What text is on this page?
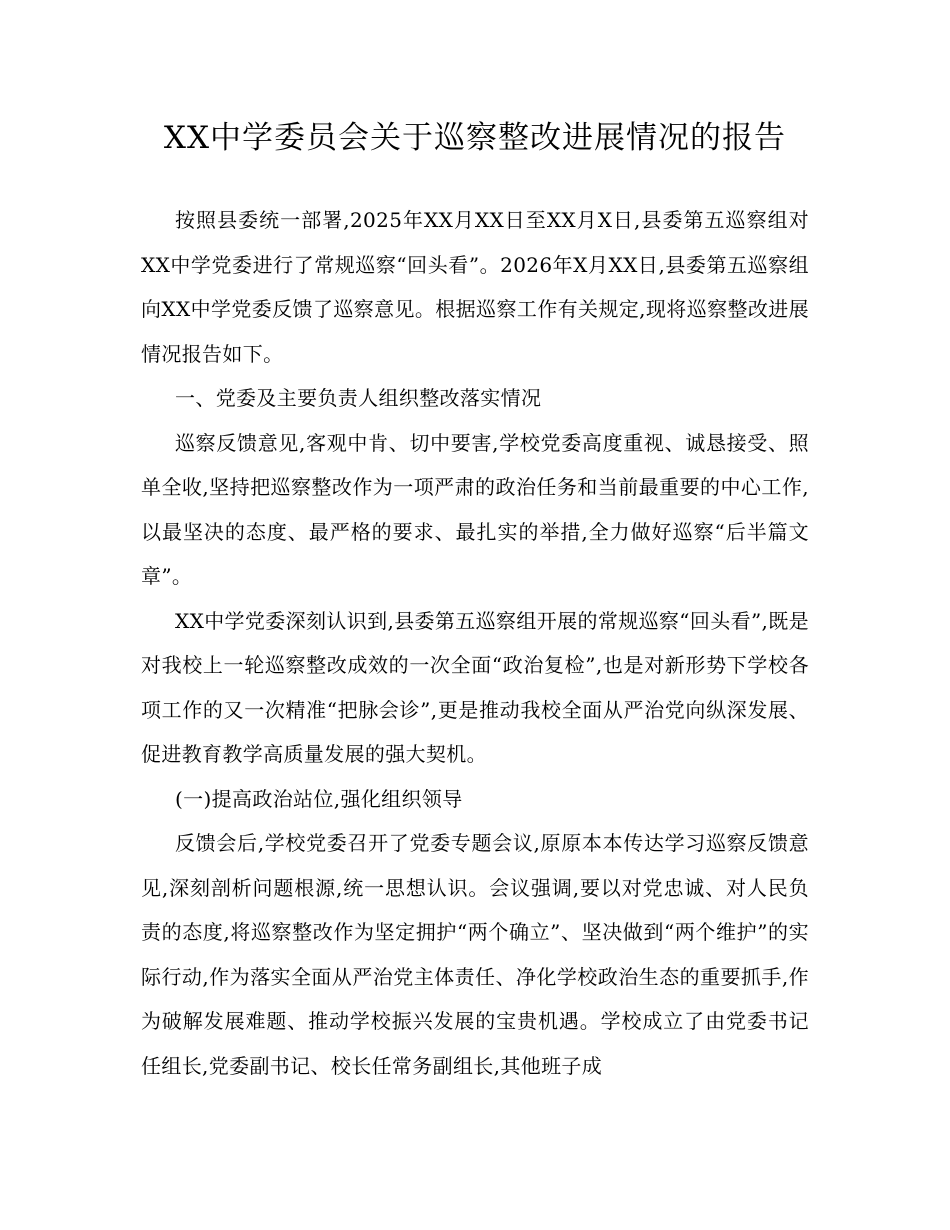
XX中学委员会关于巡察整改进展情况的报告

按照县委统一部署,2025年XX月XX日至XX月X日,县委第五巡察组对XX中学党委进行了常规巡察“回头看”。2026年X月XX日,县委第五巡察组向XX中学党委反馈了巡察意见。根据巡察工作有关规定,现将巡察整改进展情况报告如下。

一、党委及主要负责人组织整改落实情况

巡察反馈意见,客观中肯、切中要害,学校党委高度重视、诚恳接受、照单全收,坚持把巡察整改作为一项严肃的政治任务和当前最重要的中心工作,以最坚决的态度、最严格的要求、最扎实的举措,全力做好巡察“后半篇文章”。

XX中学党委深刻认识到,县委第五巡察组开展的常规巡察“回头看”,既是对我校上一轮巡察整改成效的一次全面“政治复检”,也是对新形势下学校各项工作的又一次精准“把脉会诊”,更是推动我校全面从严治党向纵深发展、促进教育教学高质量发展的强大契机。

(一)提高政治站位,强化组织领导

反馈会后,学校党委召开了党委专题会议,原原本本传达学习巡察反馈意见,深刻剖析问题根源,统一思想认识。会议强调,要以对党忠诚、对人民负责的态度,将巡察整改作为坚定拥护“两个确立”、坚决做到“两个维护”的实际行动,作为落实全面从严治党主体责任、净化学校政治生态的重要抓手,作为破解发展难题、推动学校振兴发展的宝贵机遇。学校成立了由党委书记任组长,党委副书记、校长任常务副组长,其他班子成
